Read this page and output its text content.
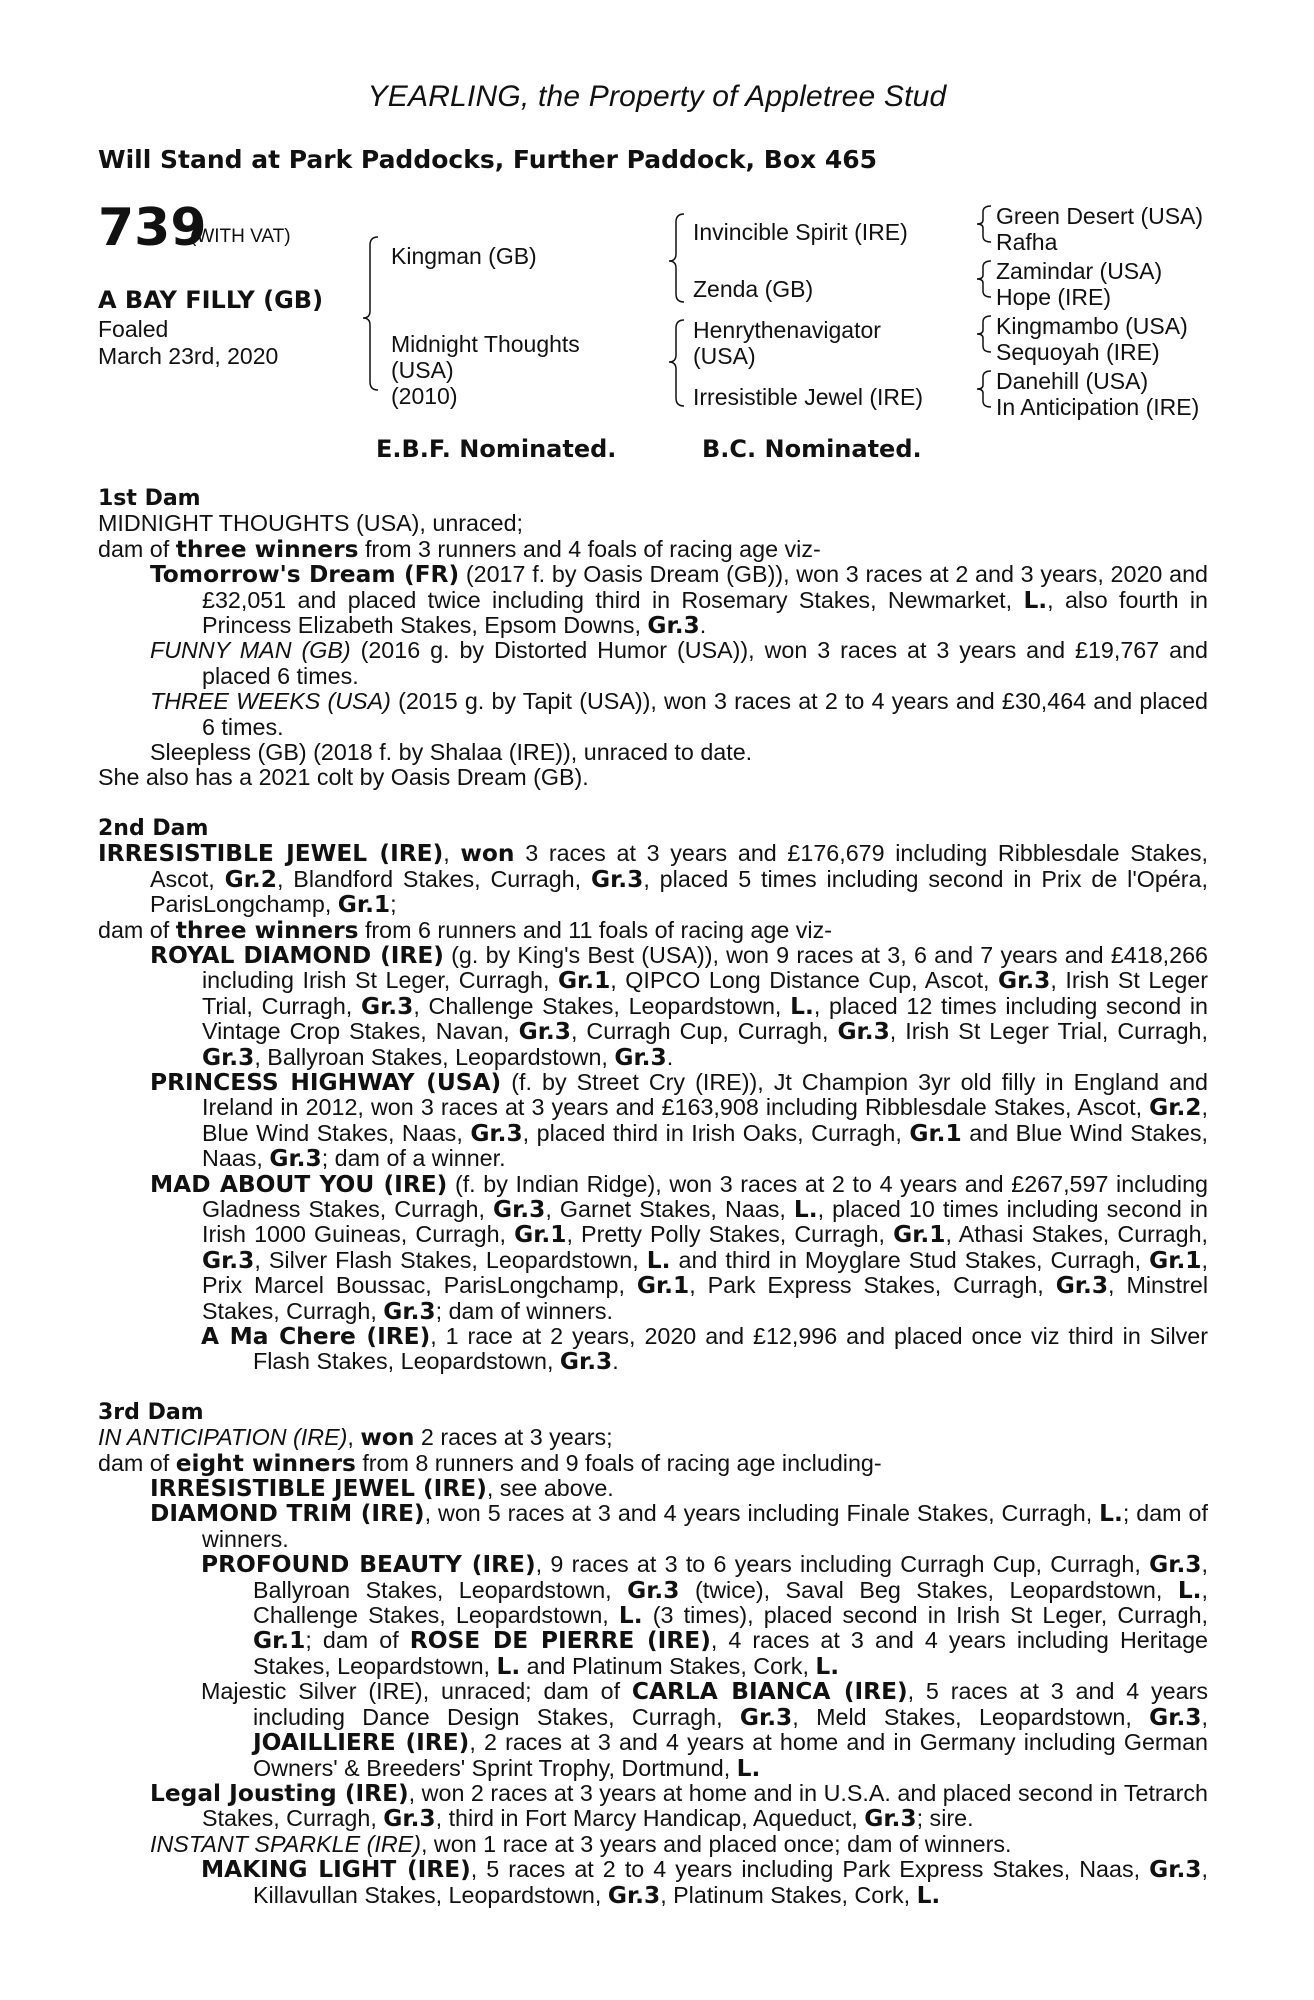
YEARLING, the Property of Appletree Stud
Will Stand at Park Paddocks, Further Paddock, Box 465
739
(WITH VAT)
A BAY FILLY (GB)
Foaled
March 23rd, 2020
Kingman (GB)
Midnight Thoughts
(USA)
(2010)
Invincible Spirit (IRE)
Zenda (GB)
Henrythenavigator
(USA)
Irresistible Jewel (IRE)
Green Desert (USA)
Rafha
Zamindar (USA)
Hope (IRE)
Kingmambo (USA)
Sequoyah (IRE)
Danehill (USA)
In Anticipation (IRE)
E.B.F. Nominated.	B.C. Nominated.
1st Dam

MIDNIGHT THOUGHTS (USA), unraced;

dam of three winners from 3 runners and 4 foals of racing age viz-

Tomorrow's Dream (FR) (2017 f. by Oasis Dream (GB)), won 3 races at 2 and 3 years, 2020 and £32,051 and placed twice including third in Rosemary Stakes, Newmarket, L., also fourth in Princess Elizabeth Stakes, Epsom Downs, Gr.3.

FUNNY MAN (GB) (2016 g. by Distorted Humor (USA)), won 3 races at 3 years and £19,767 and placed 6 times.

THREE WEEKS (USA) (2015 g. by Tapit (USA)), won 3 races at 2 to 4 years and £30,464 and placed 6 times.

Sleepless (GB) (2018 f. by Shalaa (IRE)), unraced to date.

She also has a 2021 colt by Oasis Dream (GB).

2nd Dam

IRRESISTIBLE JEWEL (IRE), won 3 races at 3 years and £176,679 including Ribblesdale Stakes, Ascot, Gr.2, Blandford Stakes, Curragh, Gr.3, placed 5 times including second in Prix de l'Opéra, ParisLongchamp, Gr.1;

dam of three winners from 6 runners and 11 foals of racing age viz-

ROYAL DIAMOND (IRE) (g. by King's Best (USA)), won 9 races at 3, 6 and 7 years and £418,266 including Irish St Leger, Curragh, Gr.1, QIPCO Long Distance Cup, Ascot, Gr.3, Irish St Leger Trial, Curragh, Gr.3, Challenge Stakes, Leopardstown, L., placed 12 times including second in Vintage Crop Stakes, Navan, Gr.3, Curragh Cup, Curragh, Gr.3, Irish St Leger Trial, Curragh, Gr.3, Ballyroan Stakes, Leopardstown, Gr.3.

PRINCESS HIGHWAY (USA) (f. by Street Cry (IRE)), Jt Champion 3yr old filly in England and Ireland in 2012, won 3 races at 3 years and £163,908 including Ribblesdale Stakes, Ascot, Gr.2, Blue Wind Stakes, Naas, Gr.3, placed third in Irish Oaks, Curragh, Gr.1 and Blue Wind Stakes, Naas, Gr.3; dam of a winner.

MAD ABOUT YOU (IRE) (f. by Indian Ridge), won 3 races at 2 to 4 years and £267,597 including Gladness Stakes, Curragh, Gr.3, Garnet Stakes, Naas, L., placed 10 times including second in Irish 1000 Guineas, Curragh, Gr.1, Pretty Polly Stakes, Curragh, Gr.1, Athasi Stakes, Curragh, Gr.3, Silver Flash Stakes, Leopardstown, L. and third in Moyglare Stud Stakes, Curragh, Gr.1, Prix Marcel Boussac, ParisLongchamp, Gr.1, Park Express Stakes, Curragh, Gr.3, Minstrel Stakes, Curragh, Gr.3; dam of winners.

A Ma Chere (IRE), 1 race at 2 years, 2020 and £12,996 and placed once viz third in Silver Flash Stakes, Leopardstown, Gr.3.

3rd Dam

IN ANTICIPATION (IRE), won 2 races at 3 years;

dam of eight winners from 8 runners and 9 foals of racing age including-

IRRESISTIBLE JEWEL (IRE), see above.

DIAMOND TRIM (IRE), won 5 races at 3 and 4 years including Finale Stakes, Curragh, L.; dam of winners.

PROFOUND BEAUTY (IRE), 9 races at 3 to 6 years including Curragh Cup, Curragh, Gr.3, Ballyroan Stakes, Leopardstown, Gr.3 (twice), Saval Beg Stakes, Leopardstown, L., Challenge Stakes, Leopardstown, L. (3 times), placed second in Irish St Leger, Curragh, Gr.1; dam of ROSE DE PIERRE (IRE), 4 races at 3 and 4 years including Heritage Stakes, Leopardstown, L. and Platinum Stakes, Cork, L.

Majestic Silver (IRE), unraced; dam of CARLA BIANCA (IRE), 5 races at 3 and 4 years including Dance Design Stakes, Curragh, Gr.3, Meld Stakes, Leopardstown, Gr.3, JOAILLIERE (IRE), 2 races at 3 and 4 years at home and in Germany including German Owners' & Breeders' Sprint Trophy, Dortmund, L.

Legal Jousting (IRE), won 2 races at 3 years at home and in U.S.A. and placed second in Tetrarch Stakes, Curragh, Gr.3, third in Fort Marcy Handicap, Aqueduct, Gr.3; sire.

INSTANT SPARKLE (IRE), won 1 race at 3 years and placed once; dam of winners.

MAKING LIGHT (IRE), 5 races at 2 to 4 years including Park Express Stakes, Naas, Gr.3, Killavullan Stakes, Leopardstown, Gr.3, Platinum Stakes, Cork, L.
